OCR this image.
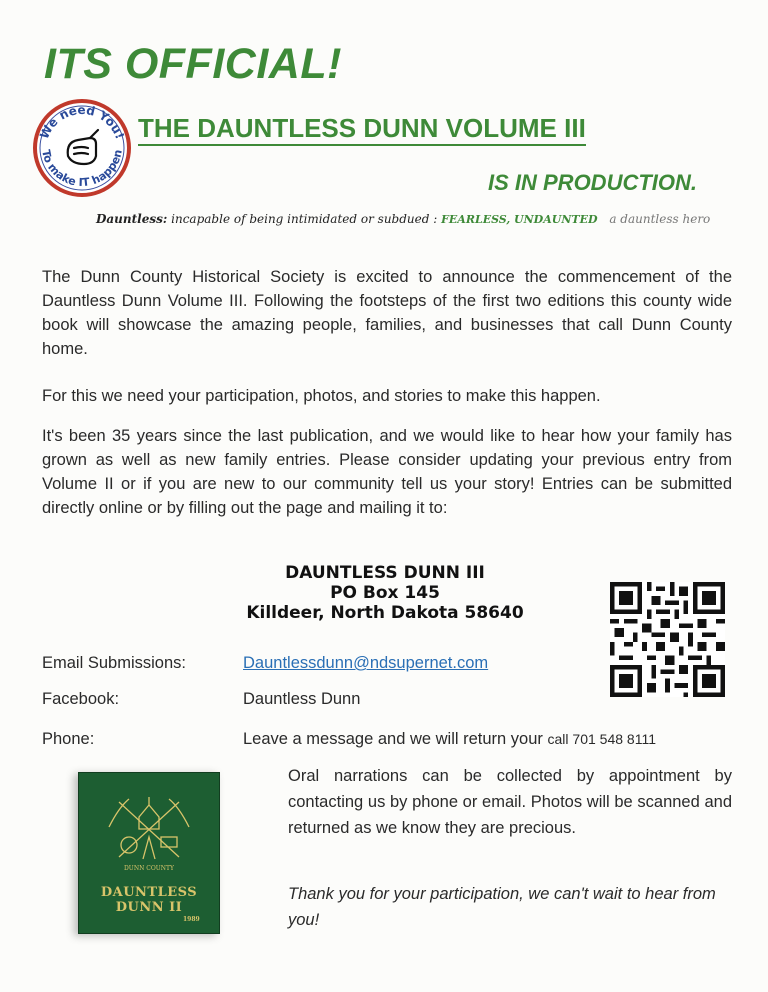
ITS OFFICIAL!
We need You!
To make IT happen
THE DAUNTLESS DUNN VOLUME III
IS IN PRODUCTION.
Dauntless: incapable of being intimidated or subdued : FEARLESS, UNDAUNTED a dauntless hero

The Dunn County Historical Society is excited to announce the commencement of the Dauntless Dunn Volume III. Following the footsteps of the first two editions this county wide book will showcase the amazing people, families, and businesses that call Dunn County home.

For this we need your participation, photos, and stories to make this happen.

It's been 35 years since the last publication, and we would like to hear how your family has grown as well as new family entries. Please consider updating your previous entry from Volume II or if you are new to our community tell us your story! Entries can be submitted directly online or by filling out the page and mailing it to:

DAUNTLESS DUNN III
PO Box 145
Killdeer, North Dakota 58640
Email Submissions:	Dauntlessdunn@ndsupernet.com
Facebook:	Dauntless Dunn
Phone:	Leave a message and we will return your call 701 548 8111
DUNN COUNTY
DAUNTLESS DUNN II
1989

Oral narrations can be collected by appointment by contacting us by phone or email. Photos will be scanned and returned as we know they are precious.

Thank you for your participation, we can't wait to hear from you!
